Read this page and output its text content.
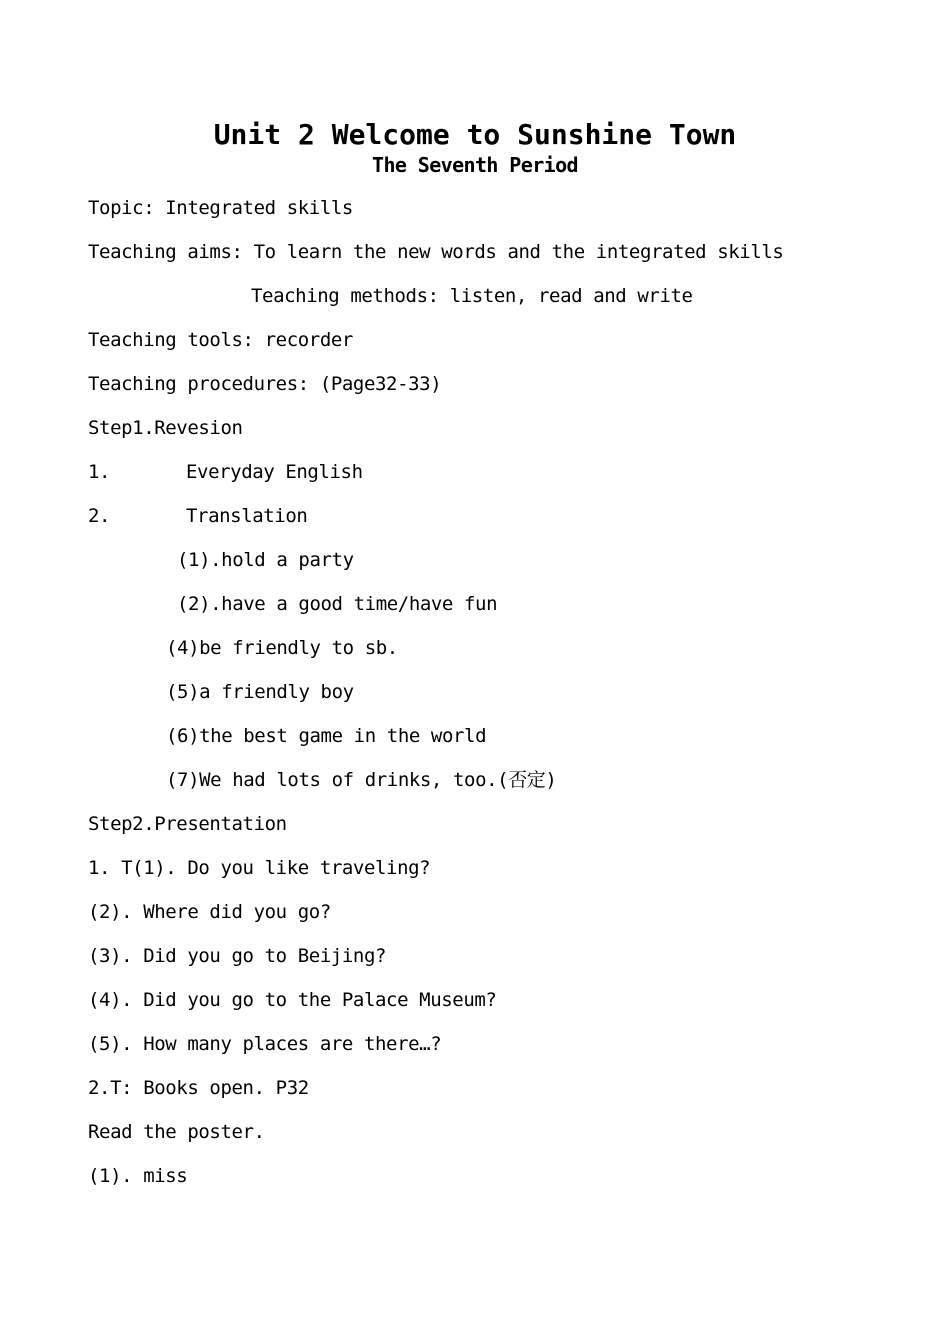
Unit 2 Welcome to Sunshine Town
The Seventh Period
Topic: Integrated skills
Teaching aims: To learn the new words and the integrated skills
Teaching methods: listen, read and write
Teaching tools: recorder
Teaching procedures: (Page32-33)
Step1.Revesion
1.	Everyday English
2.	Translation
(1).hold a party
(2).have a good time/have fun
(4)be friendly to sb.
(5)a friendly boy
(6)the best game in the world
(7)We had lots of drinks, too.(否定)
Step2.Presentation
1. T(1). Do you like traveling?
(2). Where did you go?
(3). Did you go to Beijing?
(4). Did you go to the Palace Museum?
(5). How many places are there…?
2.T: Books open. P32
Read the poster.
(1). miss
